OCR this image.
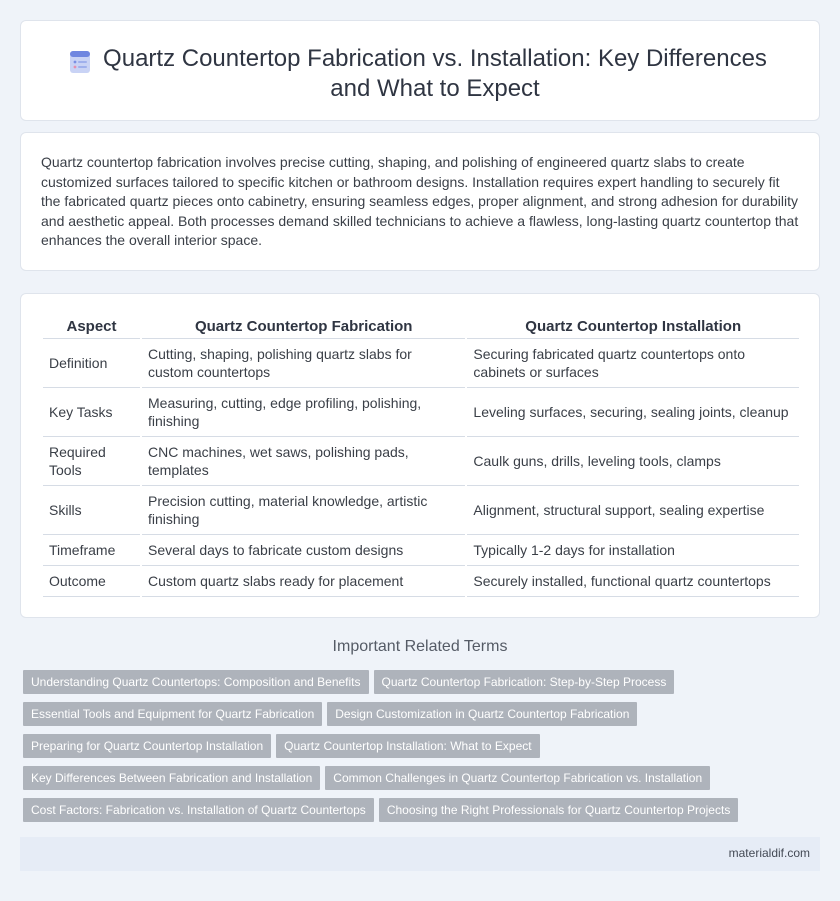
Quartz Countertop Fabrication vs. Installation: Key Differences and What to Expect

Quartz countertop fabrication involves precise cutting, shaping, and polishing of engineered quartz slabs to create customized surfaces tailored to specific kitchen or bathroom designs. Installation requires expert handling to securely fit the fabricated quartz pieces onto cabinetry, ensuring seamless edges, proper alignment, and strong adhesion for durability and aesthetic appeal. Both processes demand skilled technicians to achieve a flawless, long-lasting quartz countertop that enhances the overall interior space.

Aspect	Quartz Countertop Fabrication	Quartz Countertop Installation
Definition	Cutting, shaping, polishing quartz slabs for custom countertops	Securing fabricated quartz countertops onto cabinets or surfaces
Key Tasks	Measuring, cutting, edge profiling, polishing, finishing	Leveling surfaces, securing, sealing joints, cleanup
Required Tools	CNC machines, wet saws, polishing pads, templates	Caulk guns, drills, leveling tools, clamps
Skills	Precision cutting, material knowledge, artistic finishing	Alignment, structural support, sealing expertise
Timeframe	Several days to fabricate custom designs	Typically 1-2 days for installation
Outcome	Custom quartz slabs ready for placement	Securely installed, functional quartz countertops
Important Related Terms
Understanding Quartz Countertops: Composition and Benefits Quartz Countertop Fabrication: Step-by-Step Process
Essential Tools and Equipment for Quartz Fabrication Design Customization in Quartz Countertop Fabrication
Preparing for Quartz Countertop Installation Quartz Countertop Installation: What to Expect
Key Differences Between Fabrication and Installation Common Challenges in Quartz Countertop Fabrication vs. Installation
Cost Factors: Fabrication vs. Installation of Quartz Countertops Choosing the Right Professionals for Quartz Countertop Projects
materialdif.com
